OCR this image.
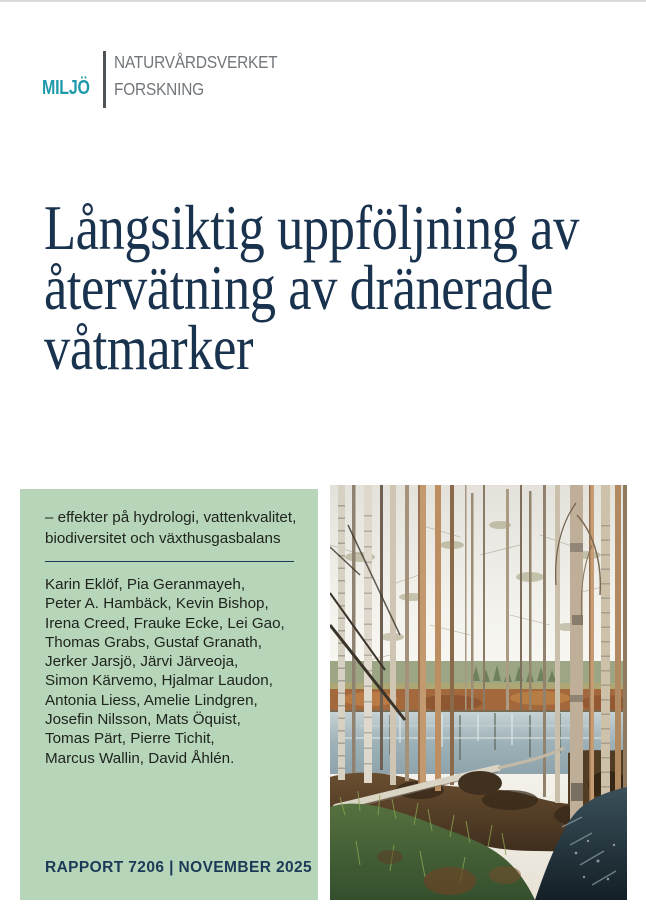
MILJÖ
NATURVÅRDSVERKET
FORSKNING
Långsiktig uppföljning av
återvätning av dränerade
våtmarker
– effekter på hydrologi, vattenkvalitet,
biodiversitet och växthusgasbalans
Karin Eklöf, Pia Geranmayeh,
Peter A. Hambäck, Kevin Bishop,
Irena Creed, Frauke Ecke, Lei Gao,
Thomas Grabs, Gustaf Granath,
Jerker Jarsjö, Järvi Järveoja,
Simon Kärvemo, Hjalmar Laudon,
Antonia Liess, Amelie Lindgren,
Josefin Nilsson, Mats Öquist,
Tomas Pärt, Pierre Tichit,
Marcus Wallin, David Åhlén.
RAPPORT 7206 | NOVEMBER 2025
